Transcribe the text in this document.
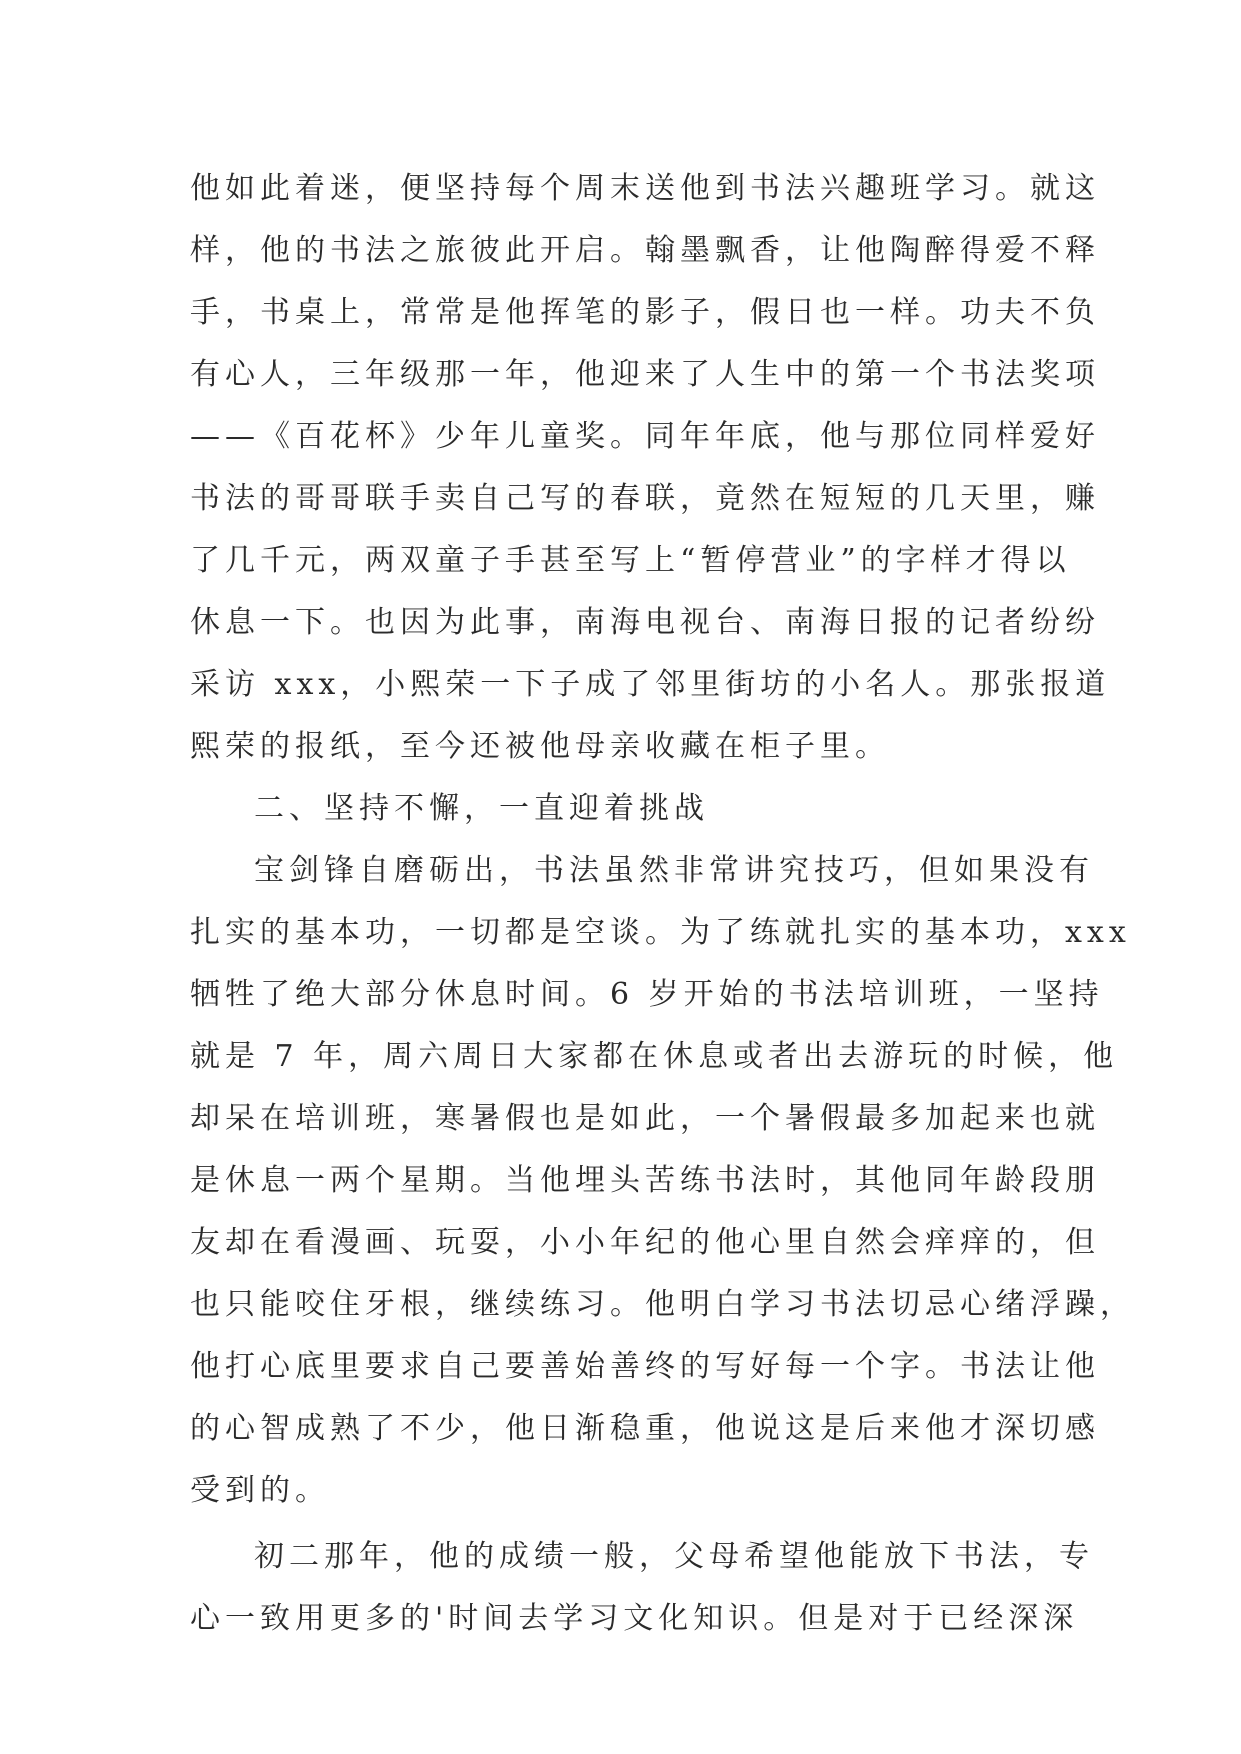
他如此着迷，便坚持每个周末送他到书法兴趣班学习。就这
样，他的书法之旅彼此开启。翰墨飘香，让他陶醉得爱不释
手，书桌上，常常是他挥笔的影子，假日也一样。功夫不负
有心人，三年级那一年，他迎来了人生中的第一个书法奖项
——《百花杯》少年儿童奖。同年年底，他与那位同样爱好
书法的哥哥联手卖自己写的春联，竟然在短短的几天里，赚
了几千元，两双童子手甚至写上“暂停营业”的字样才得以
休息一下。也因为此事，南海电视台、南海日报的记者纷纷
采访 xxx，小熙荣一下子成了邻里街坊的小名人。那张报道
熙荣的报纸，至今还被他母亲收藏在柜子里。
二、坚持不懈，一直迎着挑战
宝剑锋自磨砺出，书法虽然非常讲究技巧，但如果没有
扎实的基本功，一切都是空谈。为了练就扎实的基本功，xxx
牺牲了绝大部分休息时间。6 岁开始的书法培训班，一坚持
就是 7 年，周六周日大家都在休息或者出去游玩的时候，他
却呆在培训班，寒暑假也是如此，一个暑假最多加起来也就
是休息一两个星期。当他埋头苦练书法时，其他同年龄段朋
友却在看漫画、玩耍，小小年纪的他心里自然会痒痒的，但
也只能咬住牙根，继续练习。他明白学习书法切忌心绪浮躁，
他打心底里要求自己要善始善终的写好每一个字。书法让他
的心智成熟了不少，他日渐稳重，他说这是后来他才深切感
受到的。
初二那年，他的成绩一般，父母希望他能放下书法，专
心一致用更多的'时间去学习文化知识。但是对于已经深深
